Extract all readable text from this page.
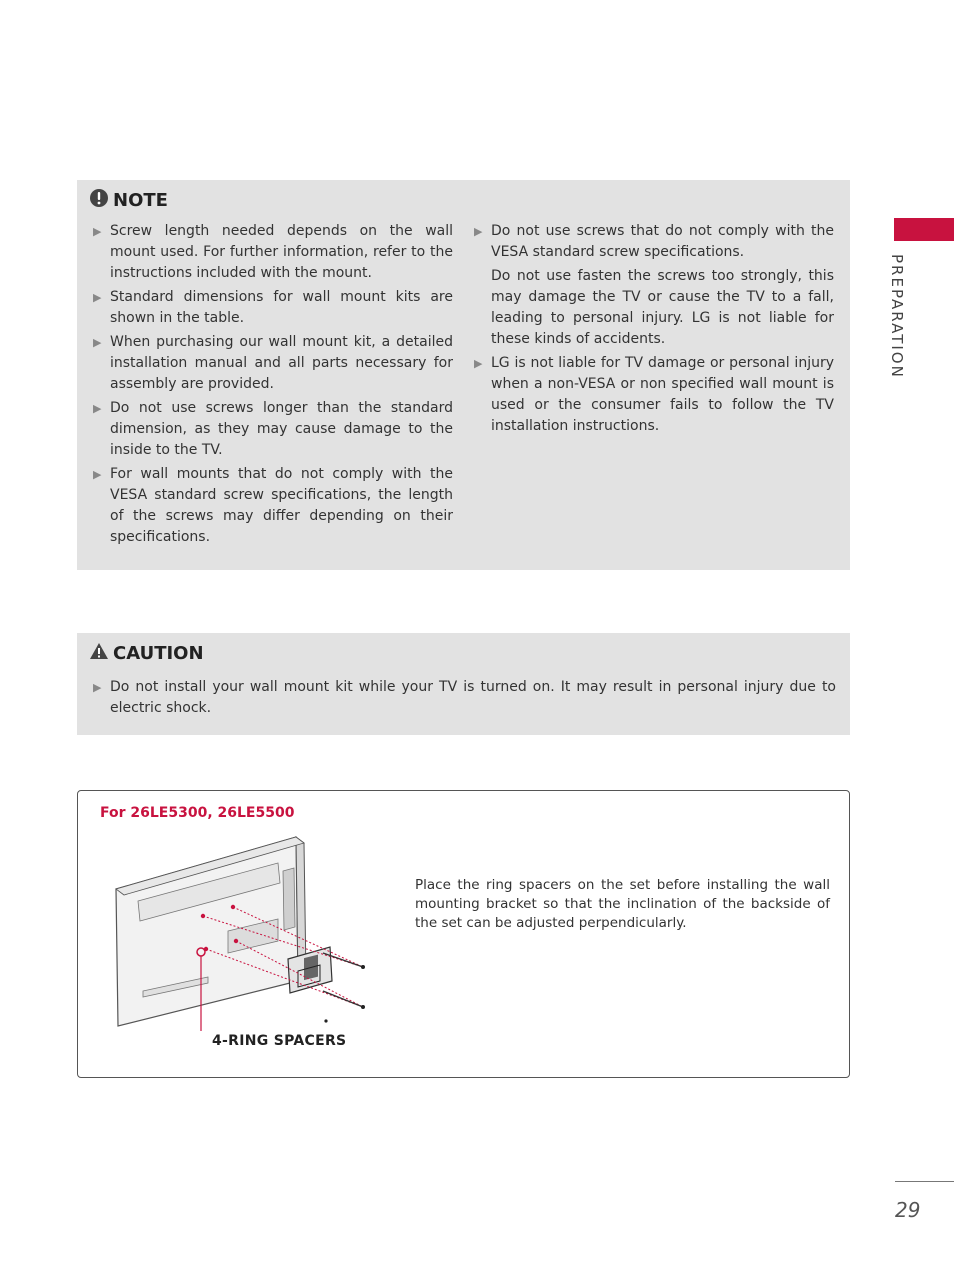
NOTE
▶ Screw length needed depends on the wall mount used. For further information, refer to the instructions included with the mount.
▶ Standard dimensions for wall mount kits are shown in the table.
▶ When purchasing our wall mount kit, a detailed installation manual and all parts necessary for assembly are provided.
▶ Do not use screws longer than the standard dimension, as they may cause damage to the inside to the TV.
▶ For wall mounts that do not comply with the VESA standard screw specifications, the length of the screws may differ depending on their specifications.
▶ Do not use screws that do not comply with the VESA standard screw specifications.
Do not use fasten the screws too strongly, this may damage the TV or cause the TV to a fall, leading to personal injury. LG is not liable for these kinds of accidents.
▶ LG is not liable for TV damage or personal injury when a non-VESA or non specified wall mount is used or the consumer fails to follow the TV installation instructions.
CAUTION
▶ Do not install your wall mount kit while your TV is turned on. It may result in personal injury due to electric shock.
For 26LE5300, 26LE5500
4-RING SPACERS
Place the ring spacers on the set before installing the wall mounting bracket so that the inclination of the backside of the set can be adjusted perpendicularly.
PREPARATION
29
